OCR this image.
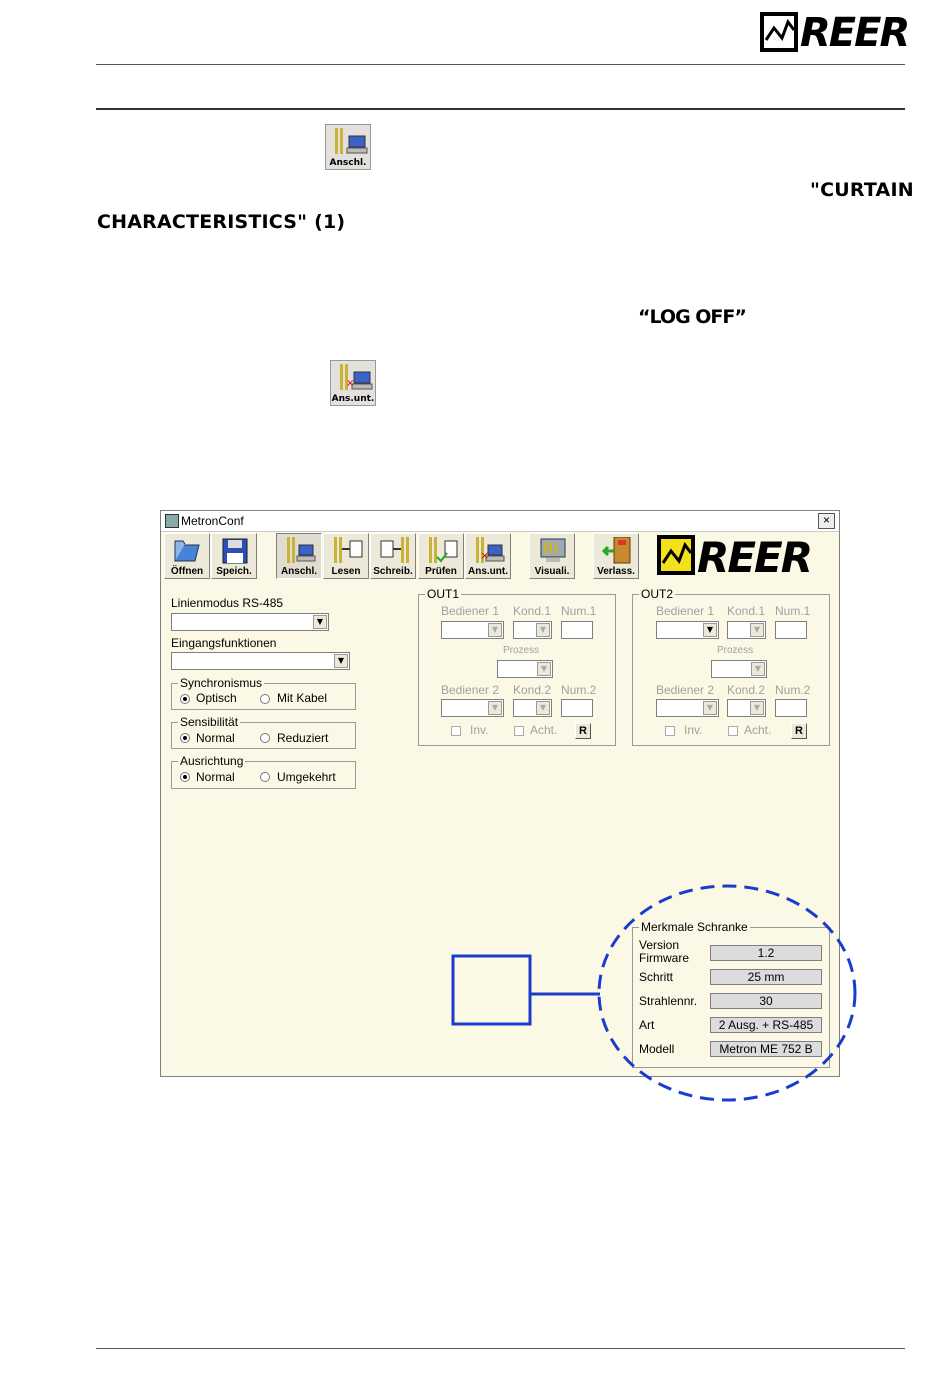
REER
Anschl.
"CURTAIN
CHARACTERISTICS" (1)
“LOG OFF”
×
Ans.unt.
MetronConf	×
Öffnen	Speich.	Anschl.	Lesen	Schreib.	Prüfen
×
Ans.unt.	Visuali.	Verlass. REER
Linienmodus RS-485
▼
Eingangsfunktionen
▼
Synchronismus
Optisch	Mit Kabel
Sensibilität
Normal	Reduziert
Ausrichtung
Normal	Umgekehrt
OUT1
Bediener 1 Kond.1 Num.1
▼	▼
Prozess
▼
Bediener 2 Kond.2 Num.2
▼	▼
Inv.	Acht.	R
OUT2
Bediener 1 Kond.1 Num.1
▼	▼
Prozess
▼
Bediener 2 Kond.2 Num.2
▼	▼
Inv.	Acht.	R
Merkmale Schranke
Version
Firmware	1.2
Schritt	25 mm
Strahlennr.	30
Art	2 Ausg. + RS-485
Modell	Metron ME 752 B
